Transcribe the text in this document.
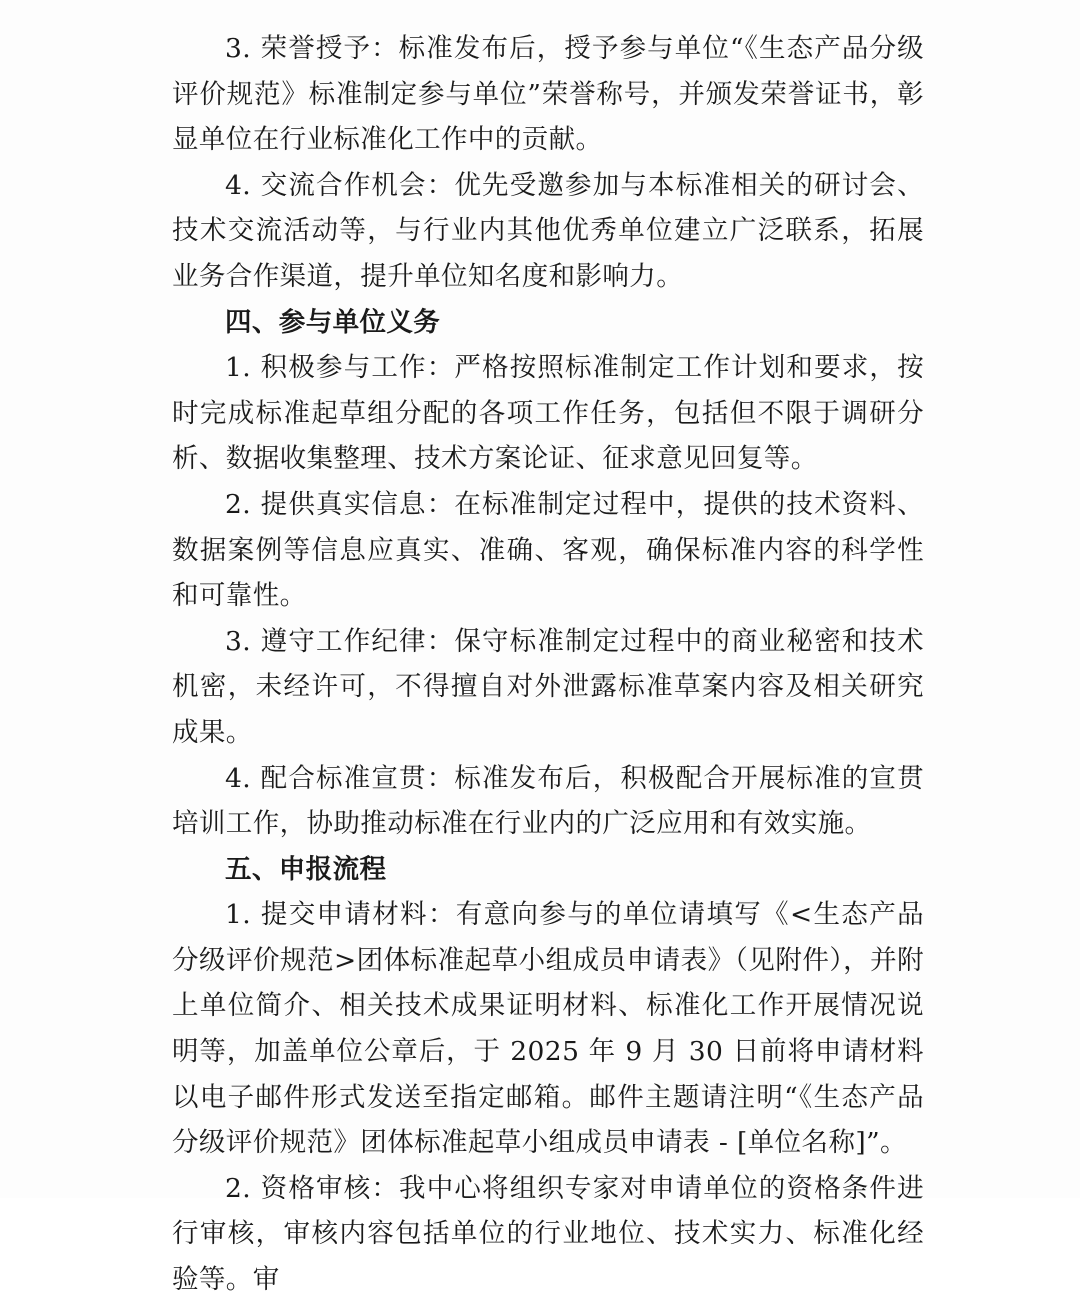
3. 荣誉授予：标准发布后，授予参与单位“《生态产品分级评价规范》标准制定参与单位”荣誉称号，并颁发荣誉证书，彰显单位在行业标准化工作中的贡献。

4. 交流合作机会：优先受邀参加与本标准相关的研讨会、技术交流活动等，与行业内其他优秀单位建立广泛联系，拓展业务合作渠道，提升单位知名度和影响力。

四、参与单位义务

1. 积极参与工作：严格按照标准制定工作计划和要求，按时完成标准起草组分配的各项工作任务，包括但不限于调研分析、数据收集整理、技术方案论证、征求意见回复等。

2. 提供真实信息：在标准制定过程中，提供的技术资料、数据案例等信息应真实、准确、客观，确保标准内容的科学性和可靠性。

3. 遵守工作纪律：保守标准制定过程中的商业秘密和技术机密，未经许可，不得擅自对外泄露标准草案内容及相关研究成果。

4. 配合标准宣贯：标准发布后，积极配合开展标准的宣贯培训工作，协助推动标准在行业内的广泛应用和有效实施。

五、申报流程

1. 提交申请材料：有意向参与的单位请填写《<生态产品分级评价规范>团体标准起草小组成员申请表》（见附件），并附上单位简介、相关技术成果证明材料、标准化工作开展情况说明等，加盖单位公章后，于 2025 年 9 月 30 日前将申请材料以电子邮件形式发送至指定邮箱。邮件主题请注明“《生态产品分级评价规范》团体标准起草小组成员申请表 - [单位名称]”。

2. 资格审核：我中心将组织专家对申请单位的资格条件进行审核，审核内容包括单位的行业地位、技术实力、标准化经验等。审
